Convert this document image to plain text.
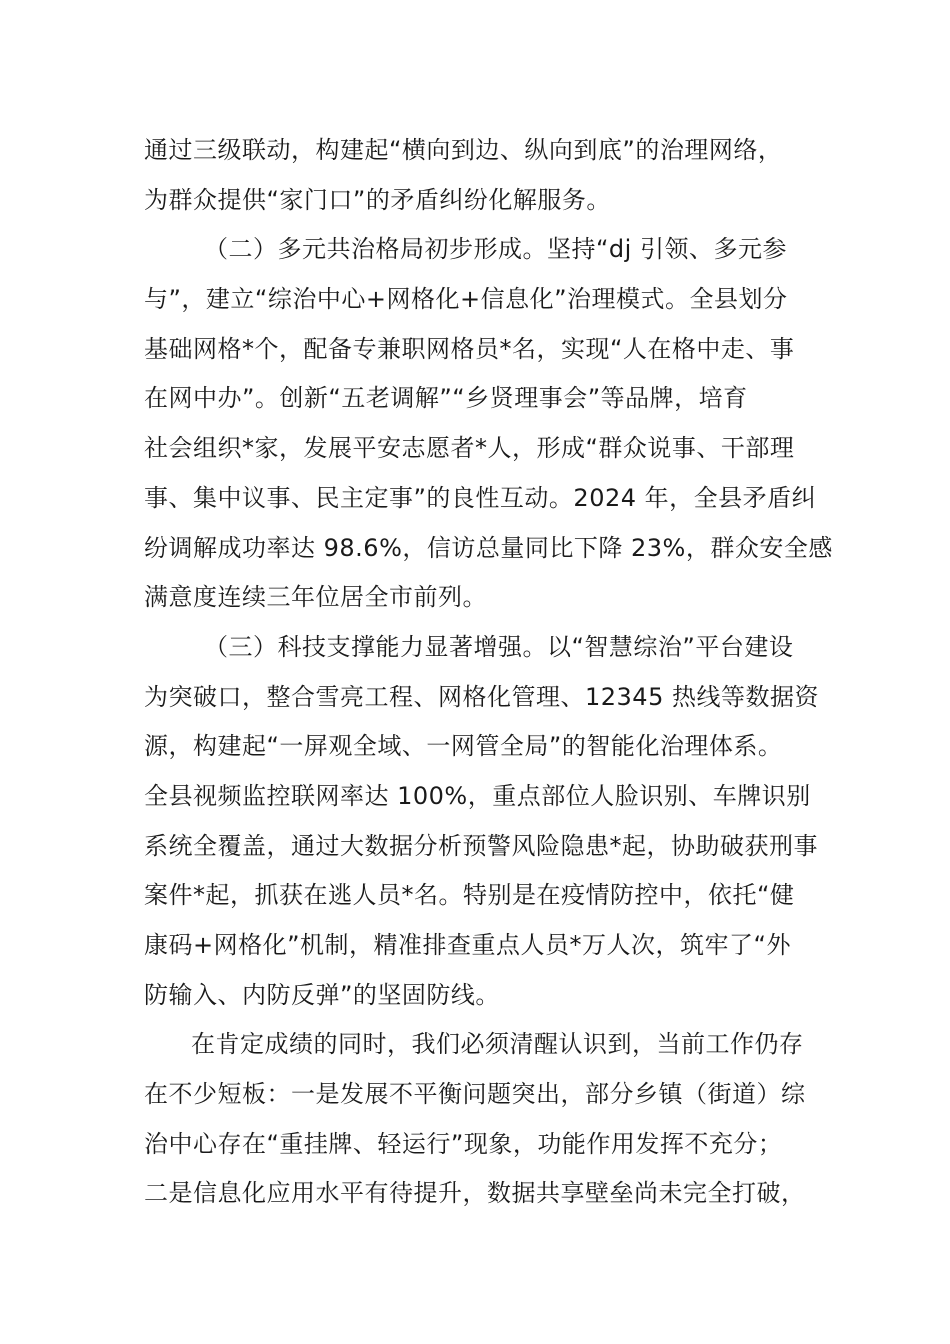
通过三级联动，构建起“横向到边、纵向到底”的治理网络，
为群众提供“家门口”的矛盾纠纷化解服务。
（二）多元共治格局初步形成。坚持“dj 引领、多元参
与”，建立“综治中心+网格化+信息化”治理模式。全县划分
基础网格*个，配备专兼职网格员*名，实现“人在格中走、事
在网中办”。创新“五老调解”“乡贤理事会”等品牌，培育
社会组织*家，发展平安志愿者*人，形成“群众说事、干部理
事、集中议事、民主定事”的良性互动。2024 年，全县矛盾纠
纷调解成功率达 98.6%，信访总量同比下降 23%，群众安全感
满意度连续三年位居全市前列。
（三）科技支撑能力显著增强。以“智慧综治”平台建设
为突破口，整合雪亮工程、网格化管理、12345 热线等数据资
源，构建起“一屏观全域、一网管全局”的智能化治理体系。
全县视频监控联网率达 100%，重点部位人脸识别、车牌识别
系统全覆盖，通过大数据分析预警风险隐患*起，协助破获刑事
案件*起，抓获在逃人员*名。特别是在疫情防控中，依托“健
康码+网格化”机制，精准排查重点人员*万人次，筑牢了“外
防输入、内防反弹”的坚固防线。
在肯定成绩的同时，我们必须清醒认识到，当前工作仍存
在不少短板：一是发展不平衡问题突出，部分乡镇（街道）综
治中心存在“重挂牌、轻运行”现象，功能作用发挥不充分；
二是信息化应用水平有待提升，数据共享壁垒尚未完全打破，
